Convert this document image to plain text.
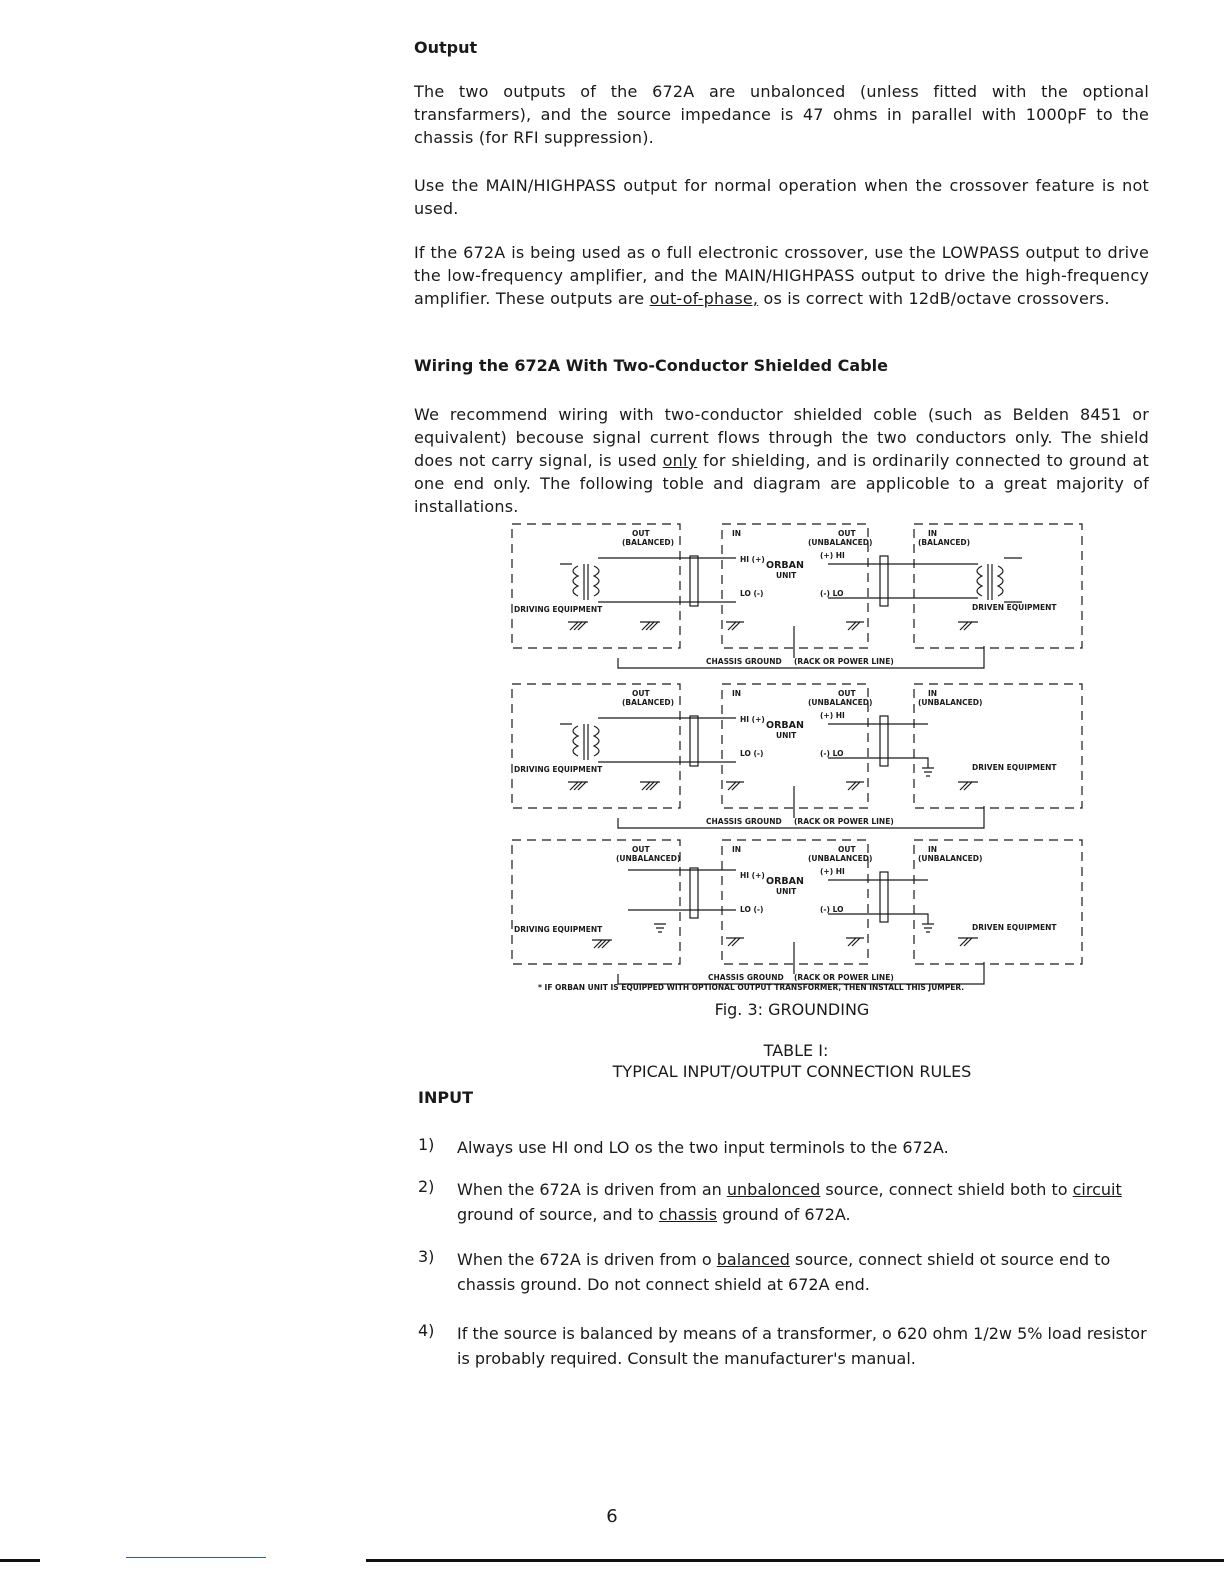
Output

The two outputs of the 672A are unbalonced (unless fitted with the optional transfarmers), and the source impedance is 47 ohms in parallel with 1000pF to the chassis (for RFI suppression).

Use the MAIN/HIGHPASS output for normal operation when the crossover feature is not used.

If the 672A is being used as o full electronic crossover, use the LOWPASS output to drive the low-frequency amplifier, and the MAIN/HIGHPASS output to drive the high-frequency amplifier. These outputs are out-of-phase, os is correct with 12dB/octave crossovers.

Wiring the 672A With Two-Conductor Shielded Cable

We recommend wiring with two-conductor shielded coble (such as Belden 8451 or equivalent) becouse signal current flows through the two conductors only. The shield does not carry signal, is used only for shielding, and is ordinarily connected to ground at one end only. The following toble and diagram are applicoble to a great majority of installations.

OUT
(BALANCED)
IN	OUT
(UNBALANCED)
IN
(BALANCED)
HI (+)
LO (-)
(+) HI
(-) LO
ORBAN
UNIT
DRIVING EQUIPMENT	DRIVEN EQUIPMENT
CHASSIS GROUND (RACK OR POWER LINE)
OUT
(BALANCED)
IN	OUT
(UNBALANCED)
IN
(UNBALANCED)
HI (+)
LO (-)
(+) HI
(-) LO
ORBAN
UNIT
DRIVING EQUIPMENT	DRIVEN EQUIPMENT
CHASSIS GROUND (RACK OR POWER LINE)
OUT
(UNBALANCED)
IN	OUT
(UNBALANCED)
IN
(UNBALANCED)
HI (+)
LO (-)
(+) HI
(-) LO
ORBAN
UNIT
DRIVING EQUIPMENT	DRIVEN EQUIPMENT
CHASSIS GROUND (RACK OR POWER LINE)
* IF ORBAN UNIT IS EQUIPPED WITH OPTIONAL OUTPUT TRANSFORMER, THEN INSTALL THIS JUMPER.
Fig. 3: GROUNDING
TABLE I:
TYPICAL INPUT/OUTPUT CONNECTION RULES
INPUT
1) Always use HI ond LO os the two input terminols to the 672A.
2) When the 672A is driven from an unbalonced source, connect shield both to circuit ground of source, and to chassis ground of 672A.
3) When the 672A is driven from o balanced source, connect shield ot source end to chassis ground. Do not connect shield at 672A end.
4) If the source is balanced by means of a transformer, o 620 ohm 1/2w 5% load resistor is probably required. Consult the manufacturer's manual.
6
